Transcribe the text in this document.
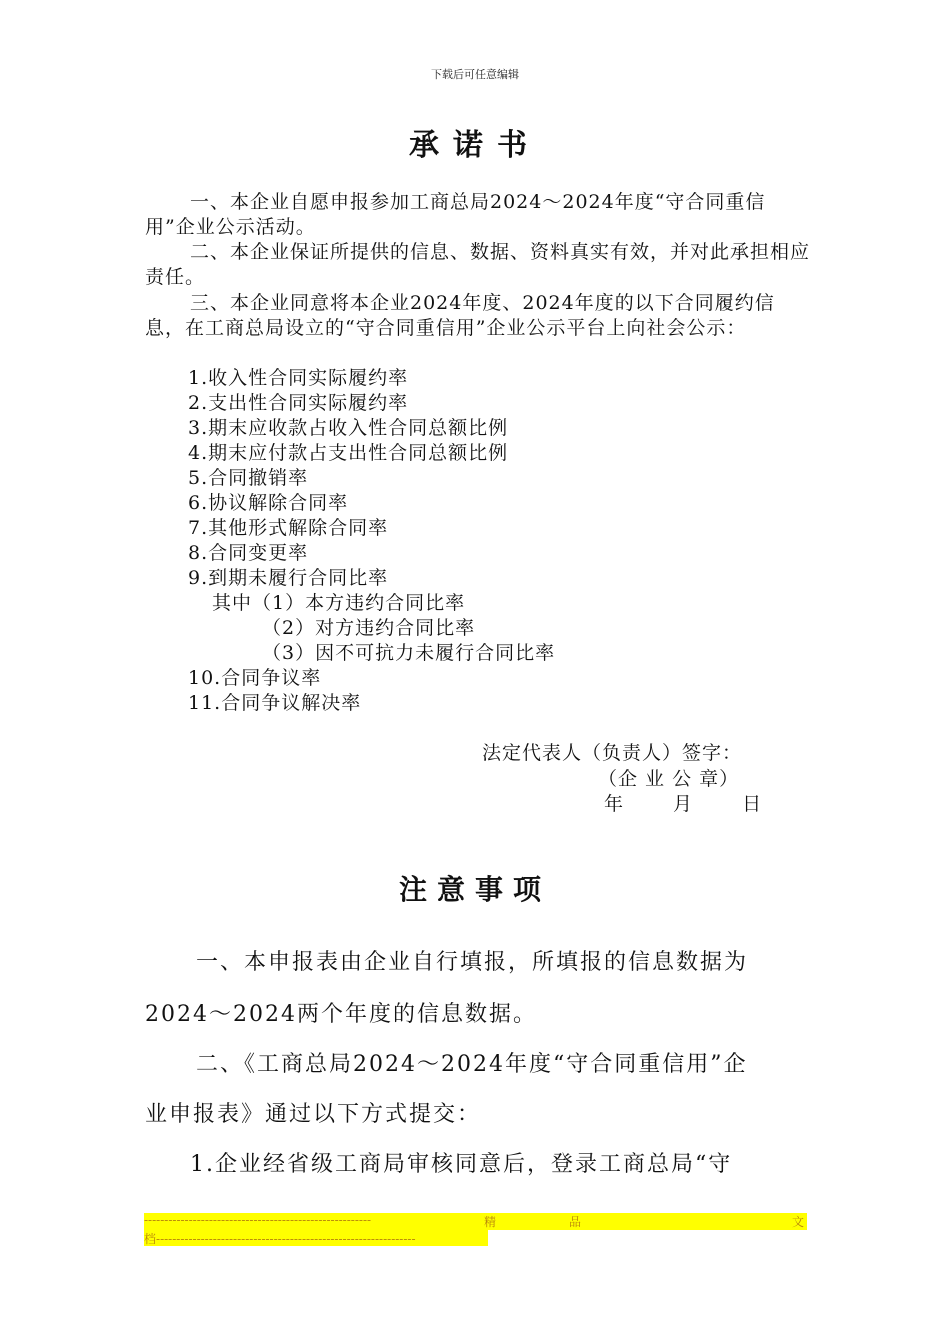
下载后可任意编辑
承诺书
一、本企业自愿申报参加工商总局2024～2024年度“守合同重信用”企业公示活动。
二、本企业保证所提供的信息、数据、资料真实有效，并对此承担相应责任。
三、本企业同意将本企业2024年度、2024年度的以下合同履约信息，在工商总局设立的“守合同重信用”企业公示平台上向社会公示：
1.收入性合同实际履约率
2.支出性合同实际履约率
3.期末应收款占收入性合同总额比例
4.期末应付款占支出性合同总额比例
5.合同撤销率
6.协议解除合同率
7.其他形式解除合同率
8.合同变更率
9.到期未履行合同比率
其中（1）本方违约合同比率
（2）对方违约合同比率
（3）因不可抗力未履行合同比率
10.合同争议率
11.合同争议解决率
法定代表人（负责人）签字：
（企 业 公 章）
年　 月　 日
注意事项
一、本申报表由企业自行填报，所填报的信息数据为
2024～2024两个年度的信息数据。
二、《工商总局2024～2024年度“守合同重信用”企
业申报表》通过以下方式提交：
1.企业经省级工商局审核同意后，登录工商总局“守
--------------------------------------------------------	精	品	文
档----------------------------------------------------------------
